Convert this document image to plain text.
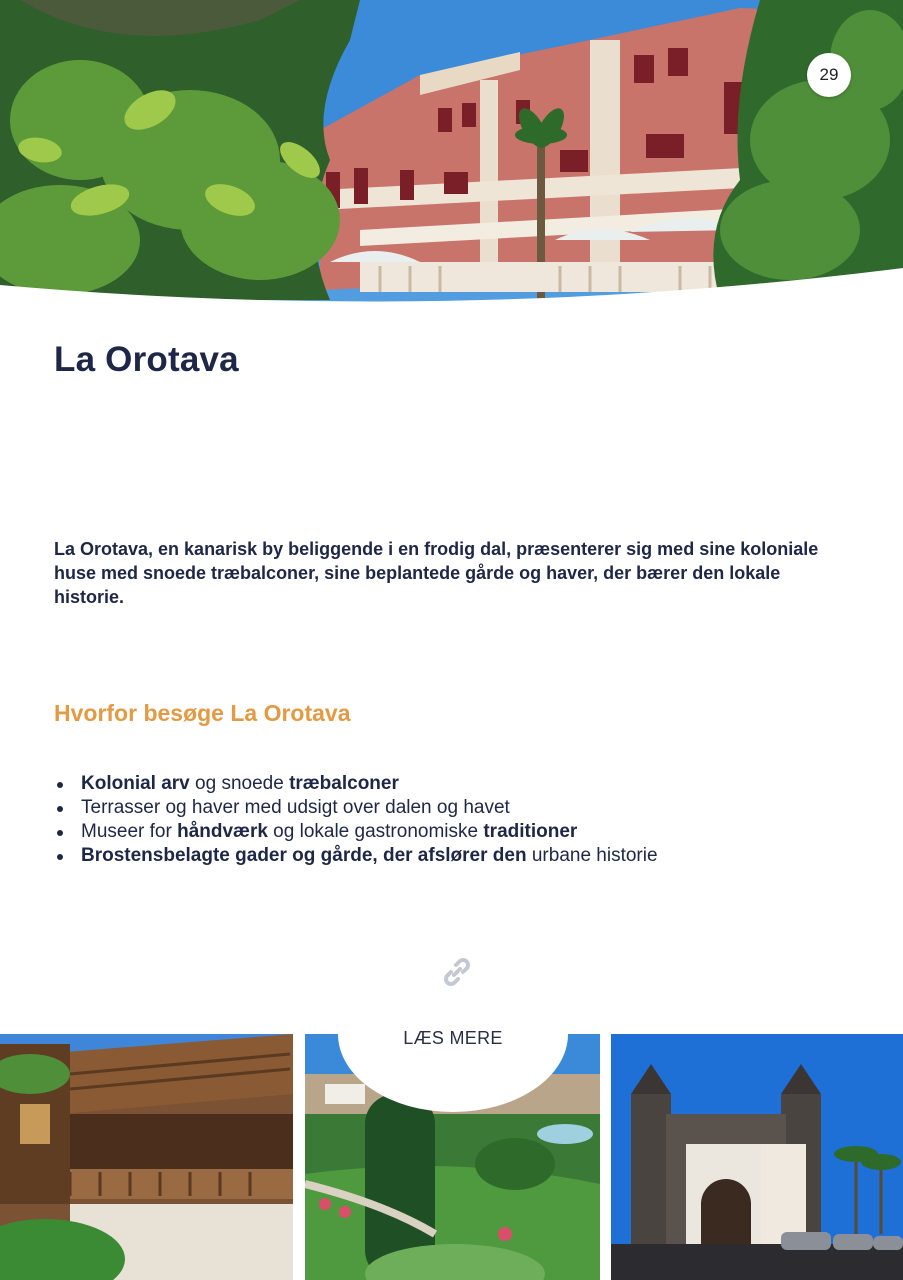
29
La Orotava

La Orotava, en kanarisk by beliggende i en frodig dal, præsenterer sig med sine koloniale huse med snoede træbalconer, sine beplantede gårde og haver, der bærer den lokale historie.

Hvorfor besøge La Orotava
Kolonial arv og snoede træbalconer
Terrasser og haver med udsigt over dalen og havet
Museer for håndværk og lokale gastronomiske traditioner
Brostensbelagte gader og gårde, der afslører den urbane historie
LÆS MERE
